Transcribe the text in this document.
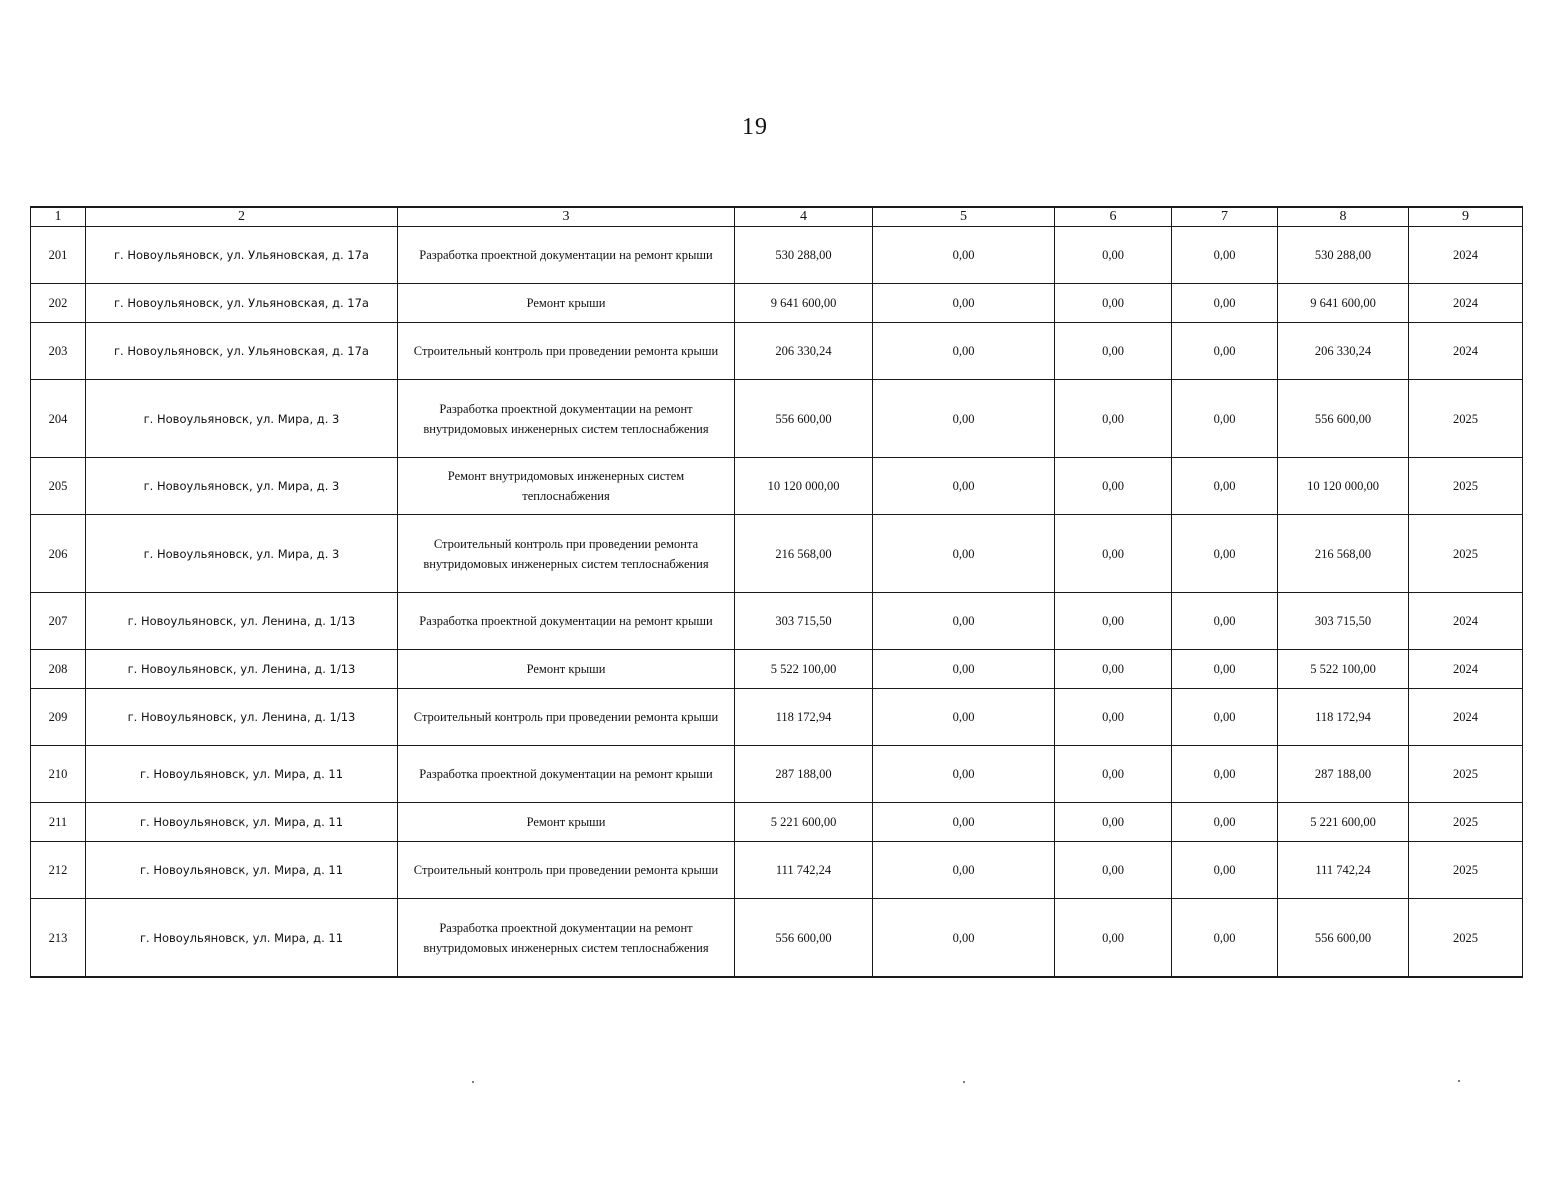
19
1	2	3	4	5	6	7	8	9
201	г. Новоульяновск, ул. Ульяновская, д. 17а	Разработка проектной документации на ремонт крыши	530 288,00	0,00	0,00	0,00	530 288,00	2024
202	г. Новоульяновск, ул. Ульяновская, д. 17а	Ремонт крыши	9 641 600,00	0,00	0,00	0,00	9 641 600,00	2024
203	г. Новоульяновск, ул. Ульяновская, д. 17а	Строительный контроль при проведении ремонта крыши	206 330,24	0,00	0,00	0,00	206 330,24	2024
204	г. Новоульяновск, ул. Мира, д. 3	Разработка проектной документации на ремонт внутридомовых инженерных систем теплоснабжения	556 600,00	0,00	0,00	0,00	556 600,00	2025
205	г. Новоульяновск, ул. Мира, д. 3	Ремонт внутридомовых инженерных систем теплоснабжения	10 120 000,00	0,00	0,00	0,00	10 120 000,00	2025
206	г. Новоульяновск, ул. Мира, д. 3	Строительный контроль при проведении ремонта внутридомовых инженерных систем теплоснабжения	216 568,00	0,00	0,00	0,00	216 568,00	2025
207	г. Новоульяновск, ул. Ленина, д. 1/13	Разработка проектной документации на ремонт крыши	303 715,50	0,00	0,00	0,00	303 715,50	2024
208	г. Новоульяновск, ул. Ленина, д. 1/13	Ремонт крыши	5 522 100,00	0,00	0,00	0,00	5 522 100,00	2024
209	г. Новоульяновск, ул. Ленина, д. 1/13	Строительный контроль при проведении ремонта крыши	118 172,94	0,00	0,00	0,00	118 172,94	2024
210	г. Новоульяновск, ул. Мира, д. 11	Разработка проектной документации на ремонт крыши	287 188,00	0,00	0,00	0,00	287 188,00	2025
211	г. Новоульяновск, ул. Мира, д. 11	Ремонт крыши	5 221 600,00	0,00	0,00	0,00	5 221 600,00	2025
212	г. Новоульяновск, ул. Мира, д. 11	Строительный контроль при проведении ремонта крыши	111 742,24	0,00	0,00	0,00	111 742,24	2025
213	г. Новоульяновск, ул. Мира, д. 11	Разработка проектной документации на ремонт внутридомовых инженерных систем теплоснабжения	556 600,00	0,00	0,00	0,00	556 600,00	2025
